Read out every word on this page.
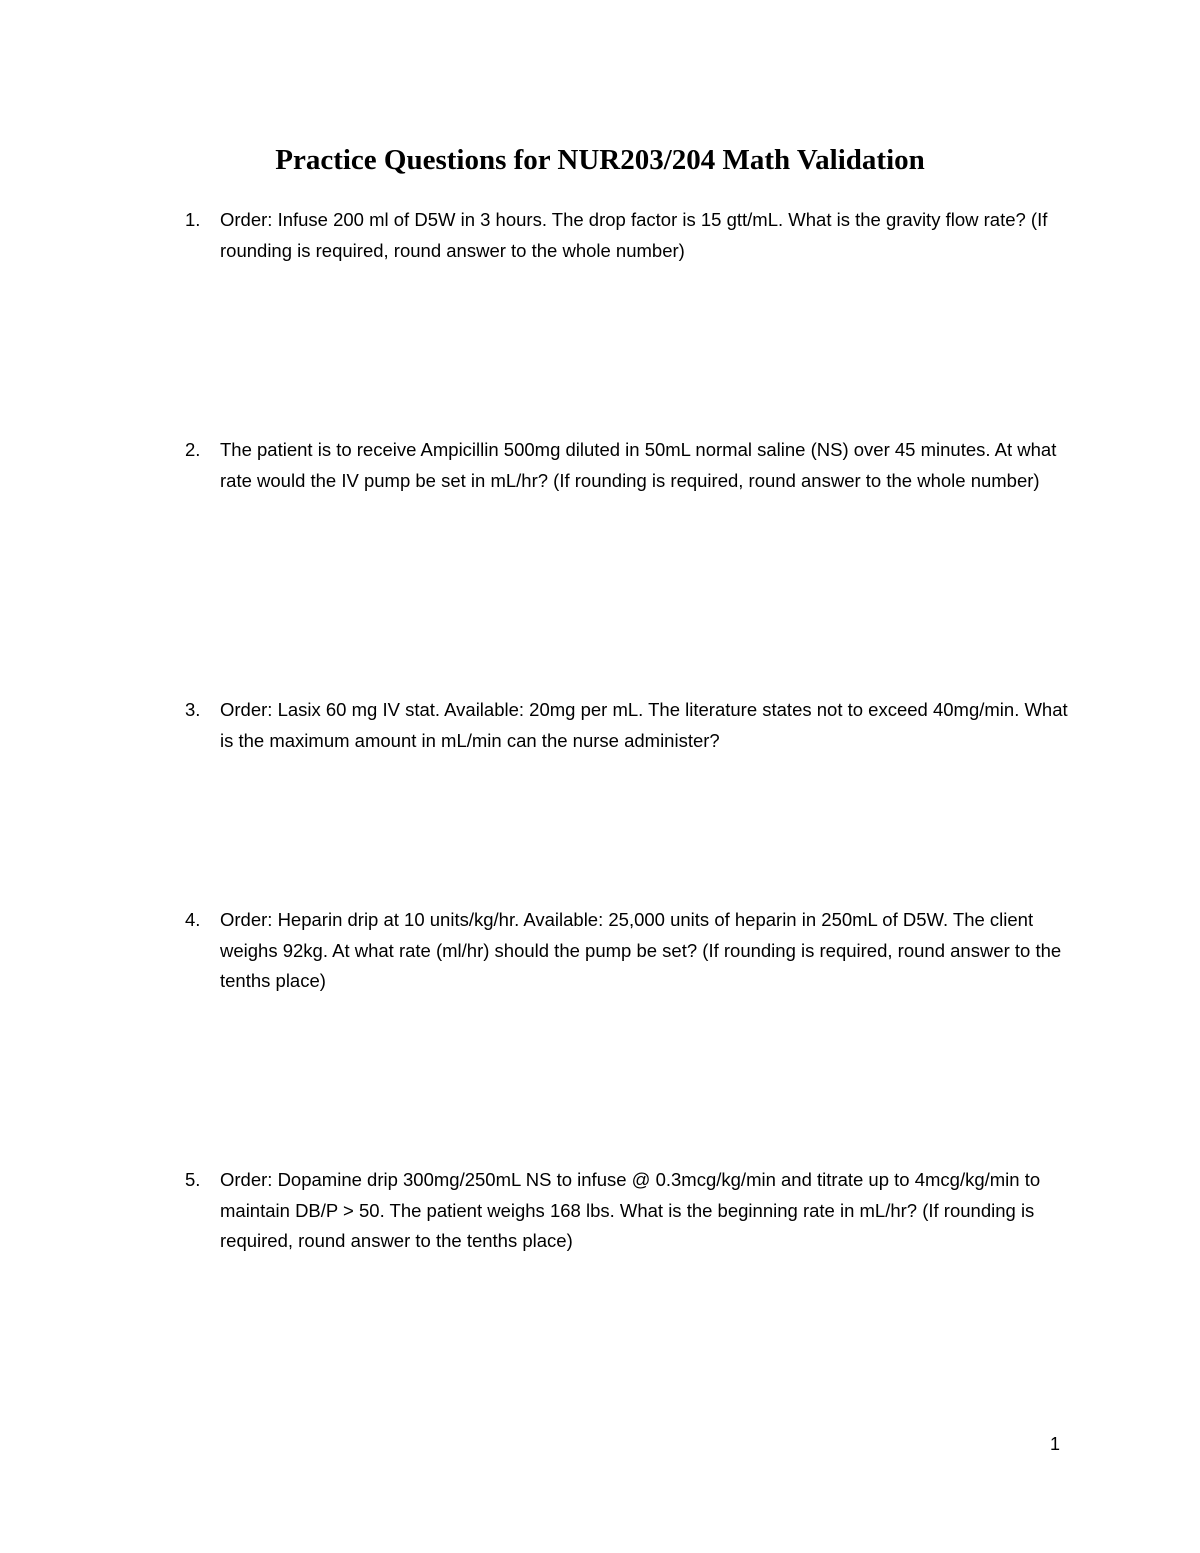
Practice Questions for NUR203/204 Math Validation
1.	Order: Infuse 200 ml of D5W in 3 hours. The drop factor is 15 gtt/mL. What is the gravity flow rate? (If rounding is required, round answer to the whole number)
2.	The patient is to receive Ampicillin 500mg diluted in 50mL normal saline (NS) over 45 minutes. At what rate would the IV pump be set in mL/hr? (If rounding is required, round answer to the whole number)
3.	Order: Lasix 60 mg IV stat. Available: 20mg per mL. The literature states not to exceed 40mg/min. What is the maximum amount in mL/min can the nurse administer?
4.	Order: Heparin drip at 10 units/kg/hr. Available: 25,000 units of heparin in 250mL of D5W. The client weighs 92kg. At what rate (ml/hr) should the pump be set? (If rounding is required, round answer to the tenths place)
5.	Order: Dopamine drip 300mg/250mL NS to infuse @ 0.3mcg/kg/min and titrate up to 4mcg/kg/min to maintain DB/P > 50. The patient weighs 168 lbs. What is the beginning rate in mL/hr? (If rounding is required, round answer to the tenths place)
1
